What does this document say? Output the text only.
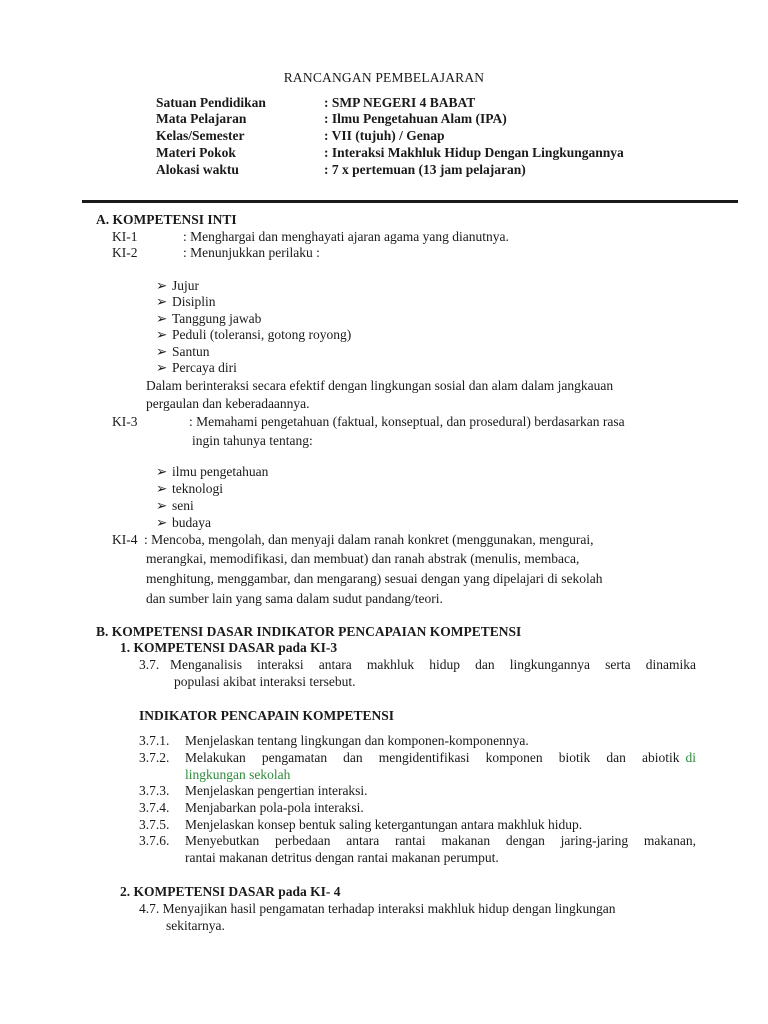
RANCANGAN PEMBELAJARAN
Satuan Pendidikan	: SMP NEGERI 4 BABAT
Mata Pelajaran	: Ilmu Pengetahuan Alam (IPA)
Kelas/Semester	: VII (tujuh) / Genap
Materi Pokok	: Interaksi Makhluk Hidup Dengan Lingkungannya
Alokasi waktu	: 7 x pertemuan (13 jam pelajaran)
A. KOMPETENSI INTI
KI-1	: Menghargai dan menghayati ajaran agama yang dianutnya.
KI-2	: Menunjukkan perilaku :
➢ Jujur
➢ Disiplin
➢ Tanggung jawab
➢ Peduli (toleransi, gotong royong)
➢ Santun
➢ Percaya diri
Dalam berinteraksi secara efektif dengan lingkungan sosial dan alam dalam jangkauan
pergaulan dan keberadaannya.
KI-3	: Memahami pengetahuan (faktual, konseptual, dan prosedural) berdasarkan rasa
ingin tahunya tentang:
➢ ilmu pengetahuan
➢ teknologi
➢ seni
➢ budaya
KI-4 : Mencoba, mengolah, dan menyaji dalam ranah konkret (menggunakan, mengurai,
merangkai, memodifikasi, dan membuat) dan ranah abstrak (menulis, membaca,
menghitung, menggambar, dan mengarang) sesuai dengan yang dipelajari di sekolah
dan sumber lain yang sama dalam sudut pandang/teori.
B. KOMPETENSI DASAR INDIKATOR PENCAPAIAN KOMPETENSI
1. KOMPETENSI DASAR pada KI-3
3.7. Menganalisis interaksi antara makhluk hidup dan lingkungannya serta dinamika
populasi akibat interaksi tersebut.
INDIKATOR PENCAPAIN KOMPETENSI
3.7.1. Menjelaskan tentang lingkungan dan komponen-komponennya.
3.7.2. Melakukan pengamatan dan mengidentifikasi komponen biotik dan abiotik di
lingkungan sekolah
3.7.3. Menjelaskan pengertian interaksi.
3.7.4. Menjabarkan pola-pola interaksi.
3.7.5. Menjelaskan konsep bentuk saling ketergantungan antara makhluk hidup.
3.7.6. Menyebutkan perbedaan antara rantai makanan dengan jaring-jaring makanan,
rantai makanan detritus dengan rantai makanan perumput.
2. KOMPETENSI DASAR pada KI- 4
4.7. Menyajikan hasil pengamatan terhadap interaksi makhluk hidup dengan lingkungan
sekitarnya.
